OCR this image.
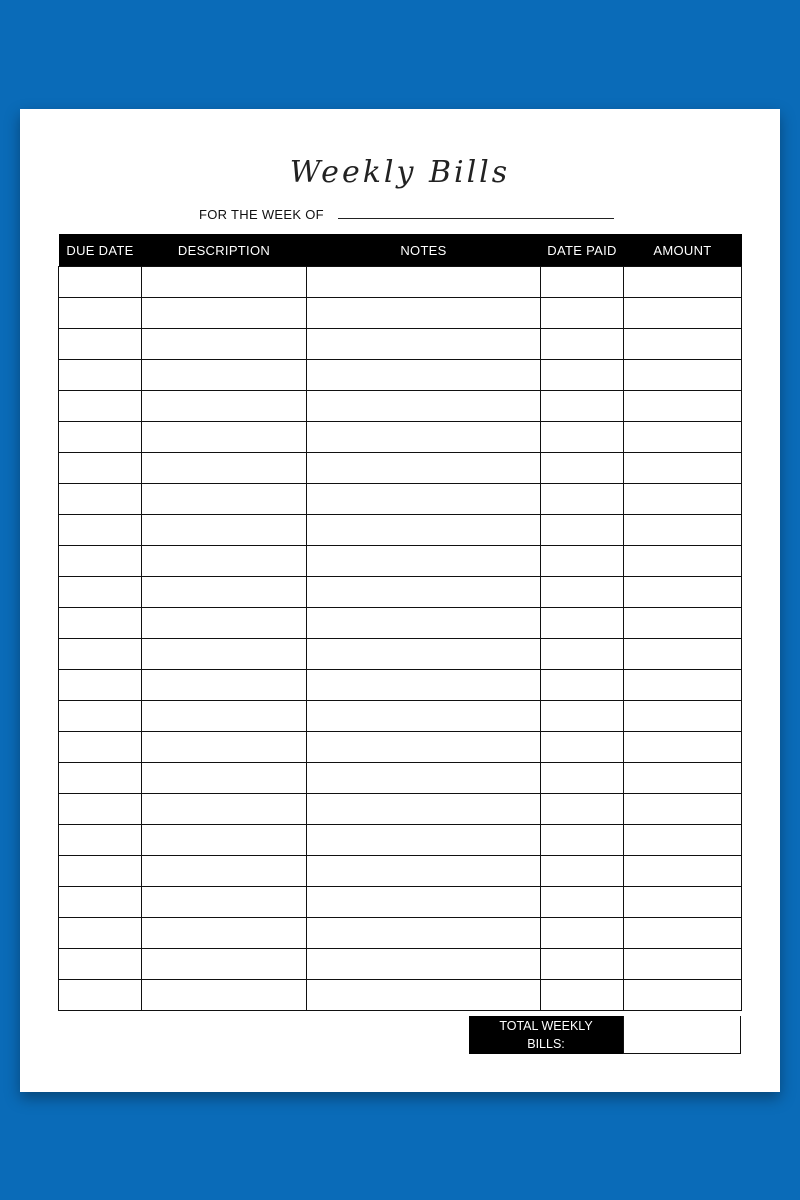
Weekly Bills
FOR THE WEEK OF
DUE DATE	DESCRIPTION	NOTES	DATE PAID	AMOUNT

TOTAL WEEKLY BILLS:
